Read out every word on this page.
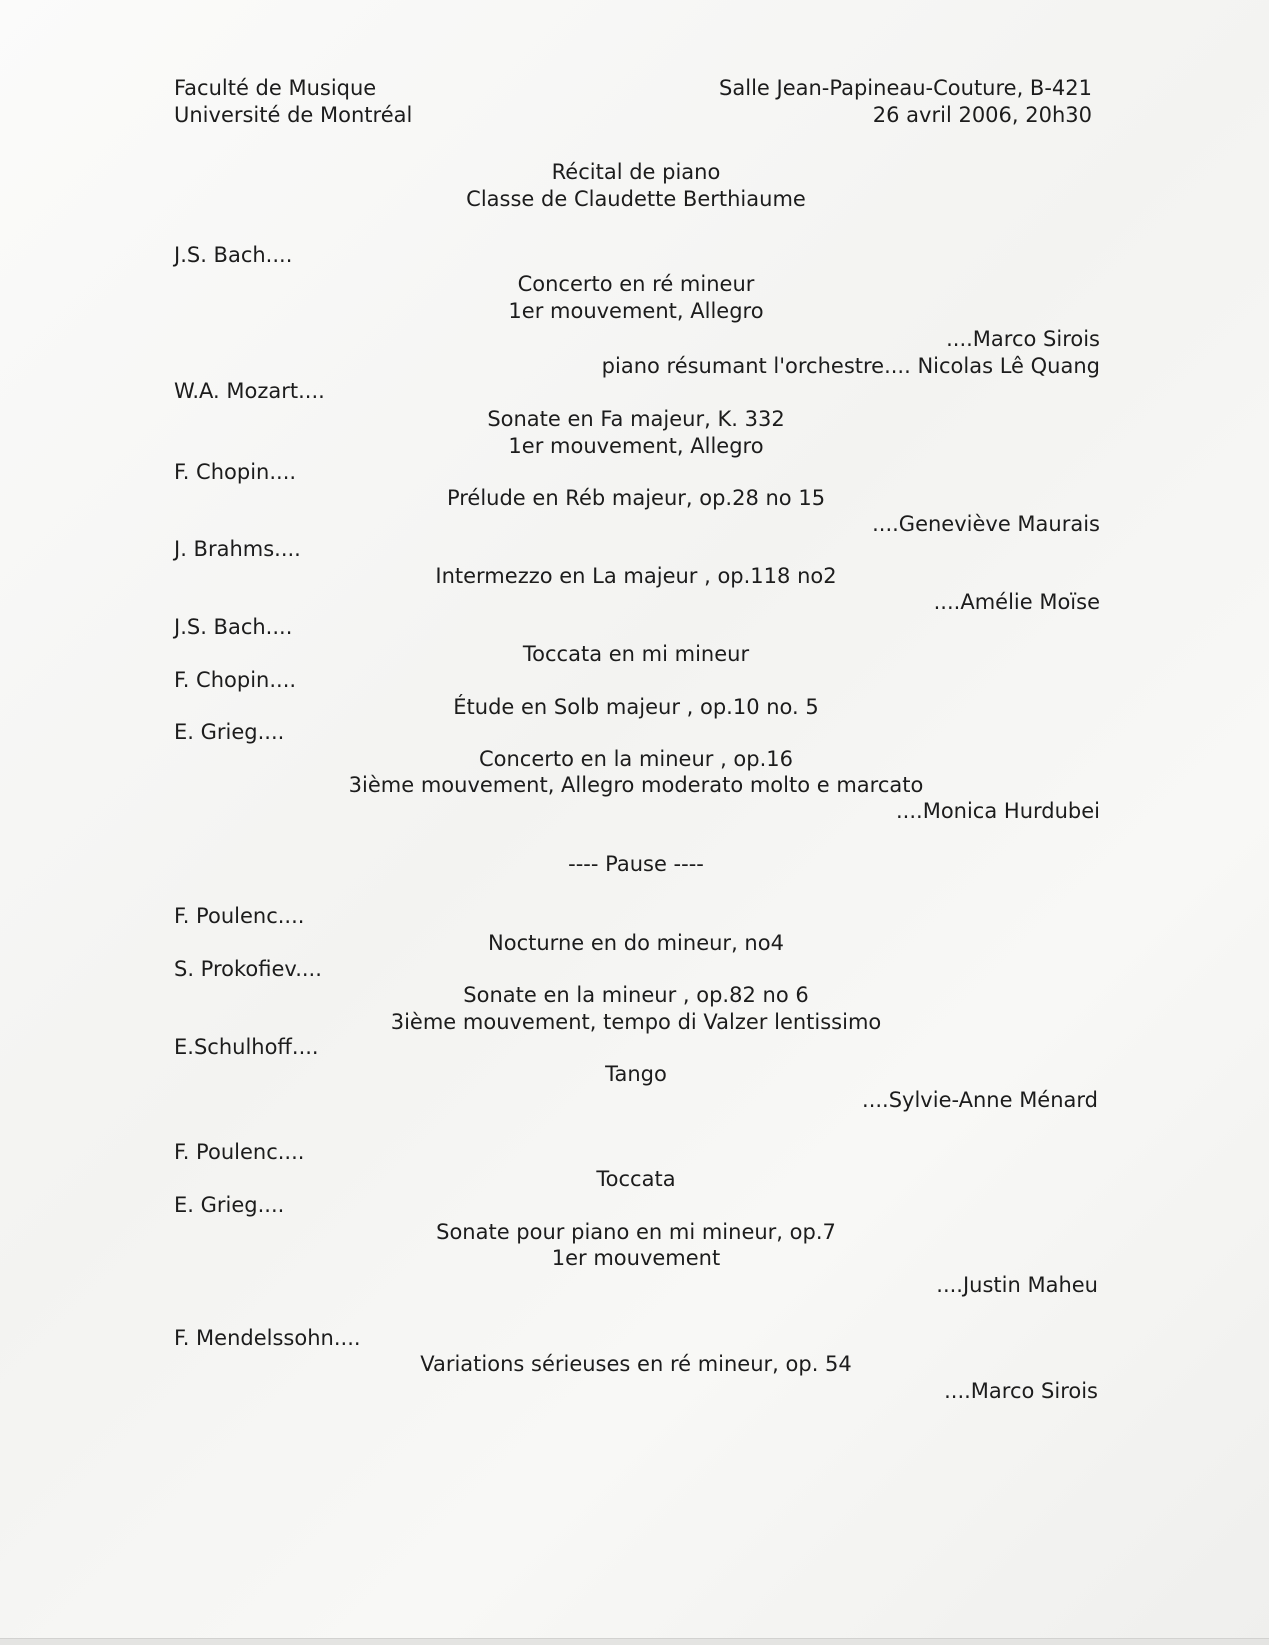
Faculté de Musique
Université de Montréal
Salle Jean-Papineau-Couture, B-421
26 avril 2006, 20h30
Récital de piano
Classe de Claudette Berthiaume
J.S. Bach....
Concerto en ré mineur
1er mouvement, Allegro
....Marco Sirois
piano résumant l'orchestre.... Nicolas Lê Quang
W.A. Mozart....
Sonate en Fa majeur, K. 332
1er mouvement, Allegro
F. Chopin....
Prélude en Réb majeur, op.28 no 15
....Geneviève Maurais
J. Brahms....
Intermezzo en La majeur , op.118 no2
....Amélie Moïse
J.S. Bach....
Toccata en mi mineur
F. Chopin....
Étude en Solb majeur , op.10 no. 5
E. Grieg....
Concerto en la mineur , op.16
3ième mouvement, Allegro moderato molto e marcato
....Monica Hurdubei
---- Pause ----
F. Poulenc....
Nocturne en do mineur, no4
S. Prokofiev....
Sonate en la mineur , op.82 no 6
3ième mouvement, tempo di Valzer lentissimo
E.Schulhoff....
Tango
....Sylvie-Anne Ménard
F. Poulenc....
Toccata
E. Grieg....
Sonate pour piano en mi mineur, op.7
1er mouvement
....Justin Maheu
F. Mendelssohn....
Variations sérieuses en ré mineur, op. 54
....Marco Sirois
